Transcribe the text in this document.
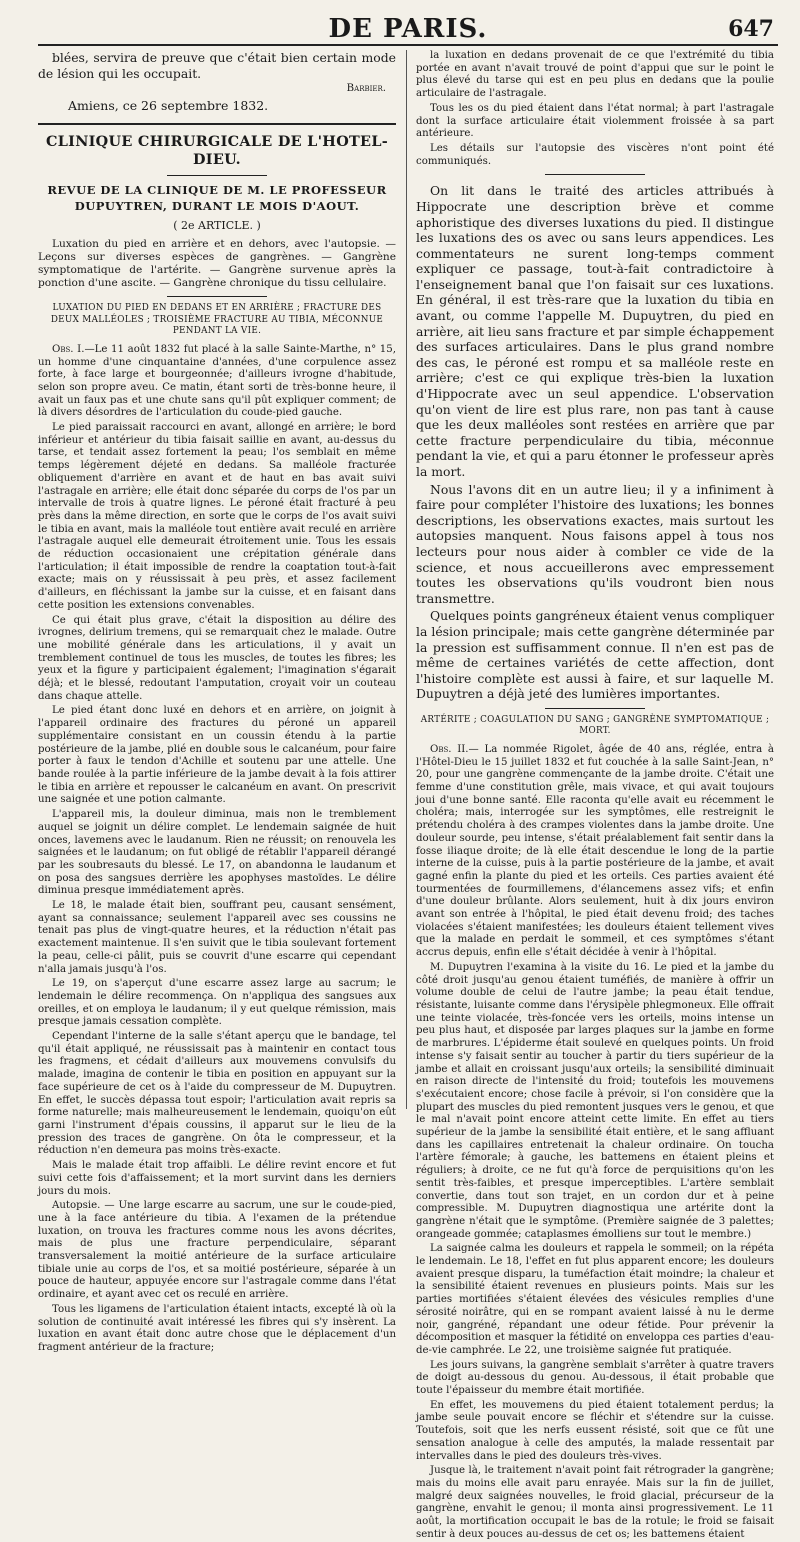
DE PARIS.	647

blées, servira de preuve que c'était bien certain mode de lésion qui les occupait.

Barbier.

Amiens, ce 26 septembre 1832.

CLINIQUE CHIRURGICALE DE L'HOTEL-DIEU.
REVUE DE LA CLINIQUE DE M. LE PROFESSEUR DUPUYTREN, DURANT LE MOIS D'AOUT.
( 2e ARTICLE. )

Luxation du pied en arrière et en dehors, avec l'autopsie. — Leçons sur diverses espèces de gangrènes. — Gangrène symptomatique de l'artérite. — Gangrène survenue après la ponction d'une ascite. — Gangrène chronique du tissu cellulaire.

LUXATION DU PIED EN DEDANS ET EN ARRIÈRE ; FRACTURE DES DEUX MALLÉOLES ; TROISIÈME FRACTURE AU TIBIA, MÉCONNUE PENDANT LA VIE.

Obs. I.—Le 11 août 1832 fut placé à la salle Sainte-Marthe, n° 15, un homme d'une cinquantaine d'années, d'une corpulence assez forte, à face large et bourgeonnée; d'ailleurs ivrogne d'habitude, selon son propre aveu. Ce matin, étant sorti de très-bonne heure, il avait un faux pas et une chute sans qu'il pût expliquer comment; de là divers désordres de l'articulation du coude-pied gauche.

Le pied paraissait raccourci en avant, allongé en arrière; le bord inférieur et antérieur du tibia faisait saillie en avant, au-dessus du tarse, et tendait assez fortement la peau; l'os semblait en même temps légèrement déjeté en dedans. Sa malléole fracturée obliquement d'arrière en avant et de haut en bas avait suivi l'astragale en arrière; elle était donc séparée du corps de l'os par un intervalle de trois à quatre lignes. Le péroné était fracturé à peu près dans la même direction, en sorte que le corps de l'os avait suivi le tibia en avant, mais la malléole tout entière avait reculé en arrière l'astragale auquel elle demeurait étroitement unie. Tous les essais de réduction occasionaient une crépitation générale dans l'articulation; il était impossible de rendre la coaptation tout-à-fait exacte; mais on y réussissait à peu près, et assez facilement d'ailleurs, en fléchissant la jambe sur la cuisse, et en faisant dans cette position les extensions convenables.

Ce qui était plus grave, c'était la disposition au délire des ivrognes, delirium tremens, qui se remarquait chez le malade. Outre une mobilité générale dans les articulations, il y avait un tremblement continuel de tous les muscles, de toutes les fibres; les yeux et la figure y participaient également; l'imagination s'égarait déjà; et le blessé, redoutant l'amputation, croyait voir un couteau dans chaque attelle.

Le pied étant donc luxé en dehors et en arrière, on joignit à l'appareil ordinaire des fractures du péroné un appareil supplémentaire consistant en un coussin étendu à la partie postérieure de la jambe, plié en double sous le calcanéum, pour faire porter à faux le tendon d'Achille et soutenu par une attelle. Une bande roulée à la partie inférieure de la jambe devait à la fois attirer le tibia en arrière et repousser le calcanéum en avant. On prescrivit une saignée et une potion calmante.

L'appareil mis, la douleur diminua, mais non le tremblement auquel se joignit un délire complet. Le lendemain saignée de huit onces, lavemens avec le laudanum. Rien ne réussit; on renouvela les saignées et le laudanum; on fut obligé de rétablir l'appareil dérangé par les soubresauts du blessé. Le 17, on abandonna le laudanum et on posa des sangsues derrière les apophyses mastoïdes. Le délire diminua presque immédiatement après.

Le 18, le malade était bien, souffrant peu, causant sensément, ayant sa connaissance; seulement l'appareil avec ses coussins ne tenait pas plus de vingt-quatre heures, et la réduction n'était pas exactement maintenue. Il s'en suivit que le tibia soulevant fortement la peau, celle-ci pâlit, puis se couvrit d'une escarre qui cependant n'alla jamais jusqu'à l'os.

Le 19, on s'aperçut d'une escarre assez large au sacrum; le lendemain le délire recommença. On n'appliqua des sangsues aux oreilles, et on employa le laudanum; il y eut quelque rémission, mais presque jamais cessation complète.

Cependant l'interne de la salle s'étant aperçu que le bandage, tel qu'il était appliqué, ne réussissait pas à maintenir en contact tous les fragmens, et cédait d'ailleurs aux mouvemens convulsifs du malade, imagina de contenir le tibia en position en appuyant sur la face supérieure de cet os à l'aide du compresseur de M. Dupuytren. En effet, le succès dépassa tout espoir; l'articulation avait repris sa forme naturelle; mais malheureusement le lendemain, quoiqu'on eût garni l'instrument d'épais coussins, il apparut sur le lieu de la pression des traces de gangrène. On ôta le compresseur, et la réduction n'en demeura pas moins très-exacte.

Mais le malade était trop affaibli. Le délire revint encore et fut suivi cette fois d'affaissement; et la mort survint dans les derniers jours du mois.

Autopsie. — Une large escarre au sacrum, une sur le coude-pied, une à la face antérieure du tibia. A l'examen de la prétendue luxation, on trouva les fractures comme nous les avons décrites, mais de plus une fracture perpendiculaire, séparant transversalement la moitié antérieure de la surface articulaire tibiale unie au corps de l'os, et sa moitié postérieure, séparée à un pouce de hauteur, appuyée encore sur l'astragale comme dans l'état ordinaire, et ayant avec cet os reculé en arrière.

Tous les ligamens de l'articulation étaient intacts, excepté là où la solution de continuité avait intéressé les fibres qui s'y insèrent. La luxation en avant était donc autre chose que le déplacement d'un fragment antérieur de la fracture;

la luxation en dedans provenait de ce que l'extrémité du tibia portée en avant n'avait trouvé de point d'appui que sur le point le plus élevé du tarse qui est en peu plus en dedans que la poulie articulaire de l'astragale.

Tous les os du pied étaient dans l'état normal; à part l'astragale dont la surface articulaire était violemment froissée à sa part antérieure.

Les détails sur l'autopsie des viscères n'ont point été communiqués.

On lit dans le traité des articles attribués à Hippocrate une description brève et comme aphoristique des diverses luxations du pied. Il distingue les luxations des os avec ou sans leurs appendices. Les commentateurs ne surent long-temps comment expliquer ce passage, tout-à-fait contradictoire à l'enseignement banal que l'on faisait sur ces luxations. En général, il est très-rare que la luxation du tibia en avant, ou comme l'appelle M. Dupuytren, du pied en arrière, ait lieu sans fracture et par simple échappement des surfaces articulaires. Dans le plus grand nombre des cas, le péroné est rompu et sa malléole reste en arrière; c'est ce qui explique très-bien la luxation d'Hippocrate avec un seul appendice. L'observation qu'on vient de lire est plus rare, non pas tant à cause que les deux malléoles sont restées en arrière que par cette fracture perpendiculaire du tibia, méconnue pendant la vie, et qui a paru étonner le professeur après la mort.

Nous l'avons dit en un autre lieu; il y a infiniment à faire pour compléter l'histoire des luxations; les bonnes descriptions, les observations exactes, mais surtout les autopsies manquent. Nous faisons appel à tous nos lecteurs pour nous aider à combler ce vide de la science, et nous accueillerons avec empressement toutes les observations qu'ils voudront bien nous transmettre.

Quelques points gangréneux étaient venus compliquer la lésion principale; mais cette gangrène déterminée par la pression est suffisamment connue. Il n'en est pas de même de certaines variétés de cette affection, dont l'histoire complète est aussi à faire, et sur laquelle M. Dupuytren a déjà jeté des lumières importantes.

ARTÉRITE ; COAGULATION DU SANG ; GANGRÈNE SYMPTOMATIQUE ; MORT.

Obs. II.— La nommée Rigolet, âgée de 40 ans, réglée, entra à l'Hôtel-Dieu le 15 juillet 1832 et fut couchée à la salle Saint-Jean, n° 20, pour une gangrène commençante de la jambe droite. C'était une femme d'une constitution grêle, mais vivace, et qui avait toujours joui d'une bonne santé. Elle raconta qu'elle avait eu récemment le choléra; mais, interrogée sur les symptômes, elle restreignit le prétendu choléra à des crampes violentes dans la jambe droite. Une douleur sourde, peu intense, s'était préalablement fait sentir dans la fosse iliaque droite; de là elle était descendue le long de la partie interne de la cuisse, puis à la partie postérieure de la jambe, et avait gagné enfin la plante du pied et les orteils. Ces parties avaient été tourmentées de fourmillemens, d'élancemens assez vifs; et enfin d'une douleur brûlante. Alors seulement, huit à dix jours environ avant son entrée à l'hôpital, le pied était devenu froid; des taches violacées s'étaient manifestées; les douleurs étaient tellement vives que la malade en perdait le sommeil, et ces symptômes s'étant accrus depuis, enfin elle s'était décidée à venir à l'hôpital.

M. Dupuytren l'examina à la visite du 16. Le pied et la jambe du côté droit jusqu'au genou étaient tuméfiés, de manière à offrir un volume double de celui de l'autre jambe; la peau était tendue, résistante, luisante comme dans l'érysipèle phlegmoneux. Elle offrait une teinte violacée, très-foncée vers les orteils, moins intense un peu plus haut, et disposée par larges plaques sur la jambe en forme de marbrures. L'épiderme était soulevé en quelques points. Un froid intense s'y faisait sentir au toucher à partir du tiers supérieur de la jambe et allait en croissant jusqu'aux orteils; la sensibilité diminuait en raison directe de l'intensité du froid; toutefois les mouvemens s'exécutaient encore; chose facile à prévoir, si l'on considère que la plupart des muscles du pied remontent jusques vers le genou, et que le mal n'avait point encore atteint cette limite. En effet au tiers supérieur de la jambe la sensibilité était entière, et le sang affluant dans les capillaires entretenait la chaleur ordinaire. On toucha l'artère fémorale; à gauche, les battemens en étaient pleins et réguliers; à droite, ce ne fut qu'à force de perquisitions qu'on les sentit très-faibles, et presque imperceptibles. L'artère semblait convertie, dans tout son trajet, en un cordon dur et à peine compressible. M. Dupuytren diagnostiqua une artérite dont la gangrène n'était que le symptôme. (Première saignée de 3 palettes; orangeade gommée; cataplasmes émolliens sur tout le membre.)

La saignée calma les douleurs et rappela le sommeil; on la répéta le lendemain. Le 18, l'effet en fut plus apparent encore; les douleurs avaient presque disparu, la tuméfaction était moindre; la chaleur et la sensibilité étaient revenues en plusieurs points. Mais sur les parties mortifiées s'étaient élevées des vésicules remplies d'une sérosité noirâtre, qui en se rompant avaient laissé à nu le derme noir, gangréné, répandant une odeur fétide. Pour prévenir la décomposition et masquer la fétidité on enveloppa ces parties d'eau-de-vie camphrée. Le 22, une troisième saignée fut pratiquée.

Les jours suivans, la gangrène semblait s'arrêter à quatre travers de doigt au-dessous du genou. Au-dessous, il était probable que toute l'épaisseur du membre était mortifiée.

En effet, les mouvemens du pied étaient totalement perdus; la jambe seule pouvait encore se fléchir et s'étendre sur la cuisse. Toutefois, soit que les nerfs eussent résisté, soit que ce fût une sensation analogue à celle des amputés, la malade ressentait par intervalles dans le pied des douleurs très-vives.

Jusque là, le traitement n'avait point fait rétrograder la gangrène; mais du moins elle avait paru enrayée. Mais sur la fin de juillet, malgré deux saignées nouvelles, le froid glacial, précurseur de la gangrène, envahit le genou; il monta ainsi progressivement. Le 11 août, la mortification occupait le bas de la rotule; le froid se faisait sentir à deux pouces au-dessus de cet os; les battemens étaient
